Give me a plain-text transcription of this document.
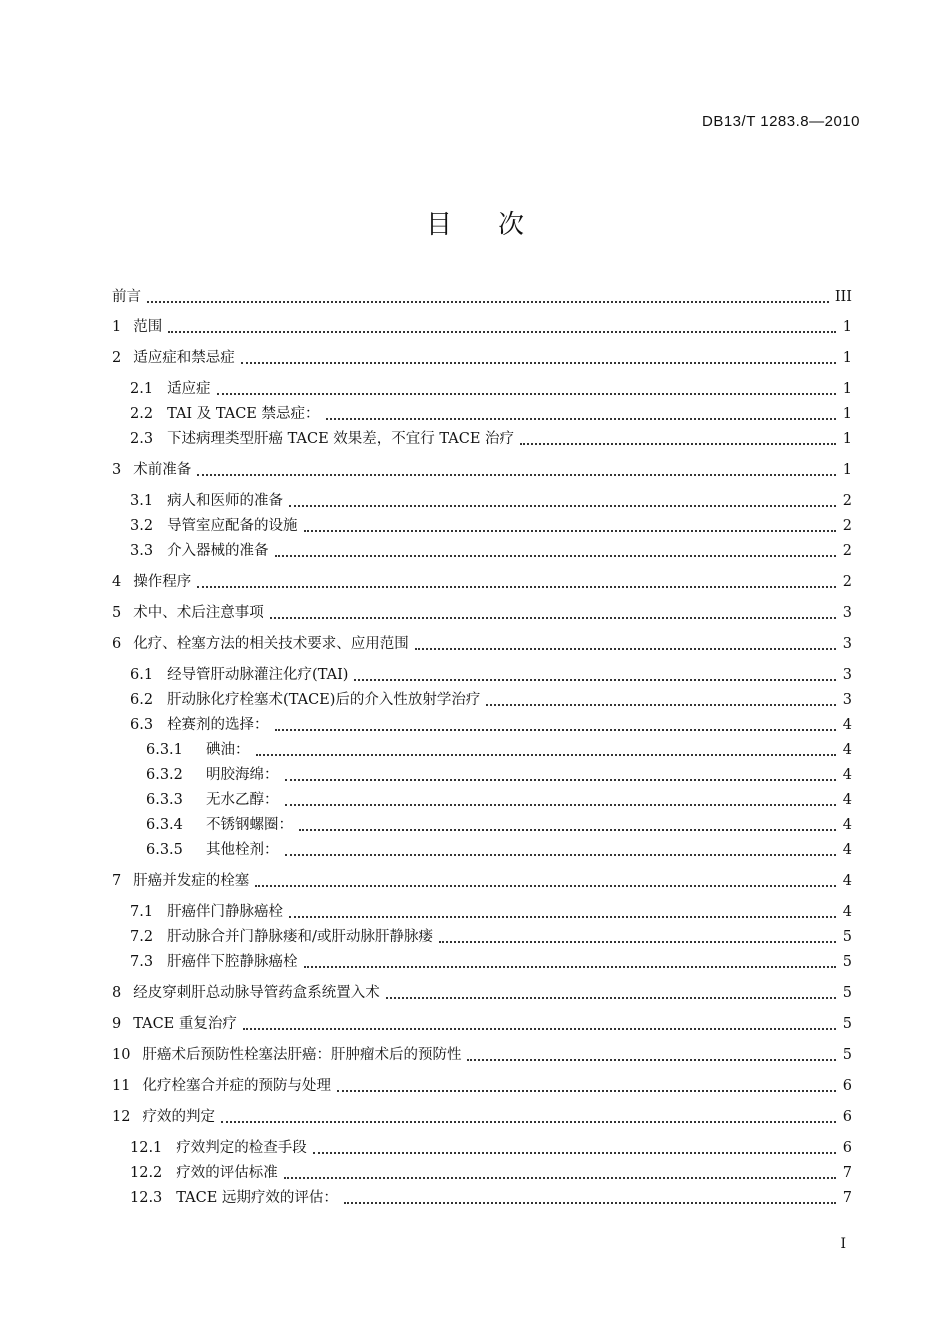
DB13/T 1283.8—2010
目次
前言	III
1 范围	1
2 适应症和禁忌症	1
2.1 适应症	1
2.2 TAI 及 TACE 禁忌症：	1
2.3 下述病理类型肝癌 TACE 效果差，不宜行 TACE 治疗	1
3 术前准备	1
3.1 病人和医师的准备	2
3.2 导管室应配备的设施	2
3.3 介入器械的准备	2
4 操作程序	2
5 术中、术后注意事项	3
6 化疗、栓塞方法的相关技术要求、应用范围	3
6.1 经导管肝动脉灌注化疗(TAI)	3
6.2 肝动脉化疗栓塞术(TACE)后的介入性放射学治疗	3
6.3 栓赛剂的选择：	4
6.3.1 碘油：	4
6.3.2 明胶海绵：	4
6.3.3 无水乙醇：	4
6.3.4 不锈钢螺圈：	4
6.3.5 其他栓剂：	4
7 肝癌并发症的栓塞	4
7.1 肝癌伴门静脉癌栓	4
7.2 肝动脉合并门静脉瘘和/或肝动脉肝静脉瘘	5
7.3 肝癌伴下腔静脉癌栓	5
8 经皮穿刺肝总动脉导管药盒系统置入术	5
9 TACE 重复治疗	5
10 肝癌术后预防性栓塞法肝癌：肝肿瘤术后的预防性	5
11 化疗栓塞合并症的预防与处理	6
12 疗效的判定	6
12.1 疗效判定的检查手段	6
12.2 疗效的评估标准	7
12.3 TACE 远期疗效的评估：	7
I
